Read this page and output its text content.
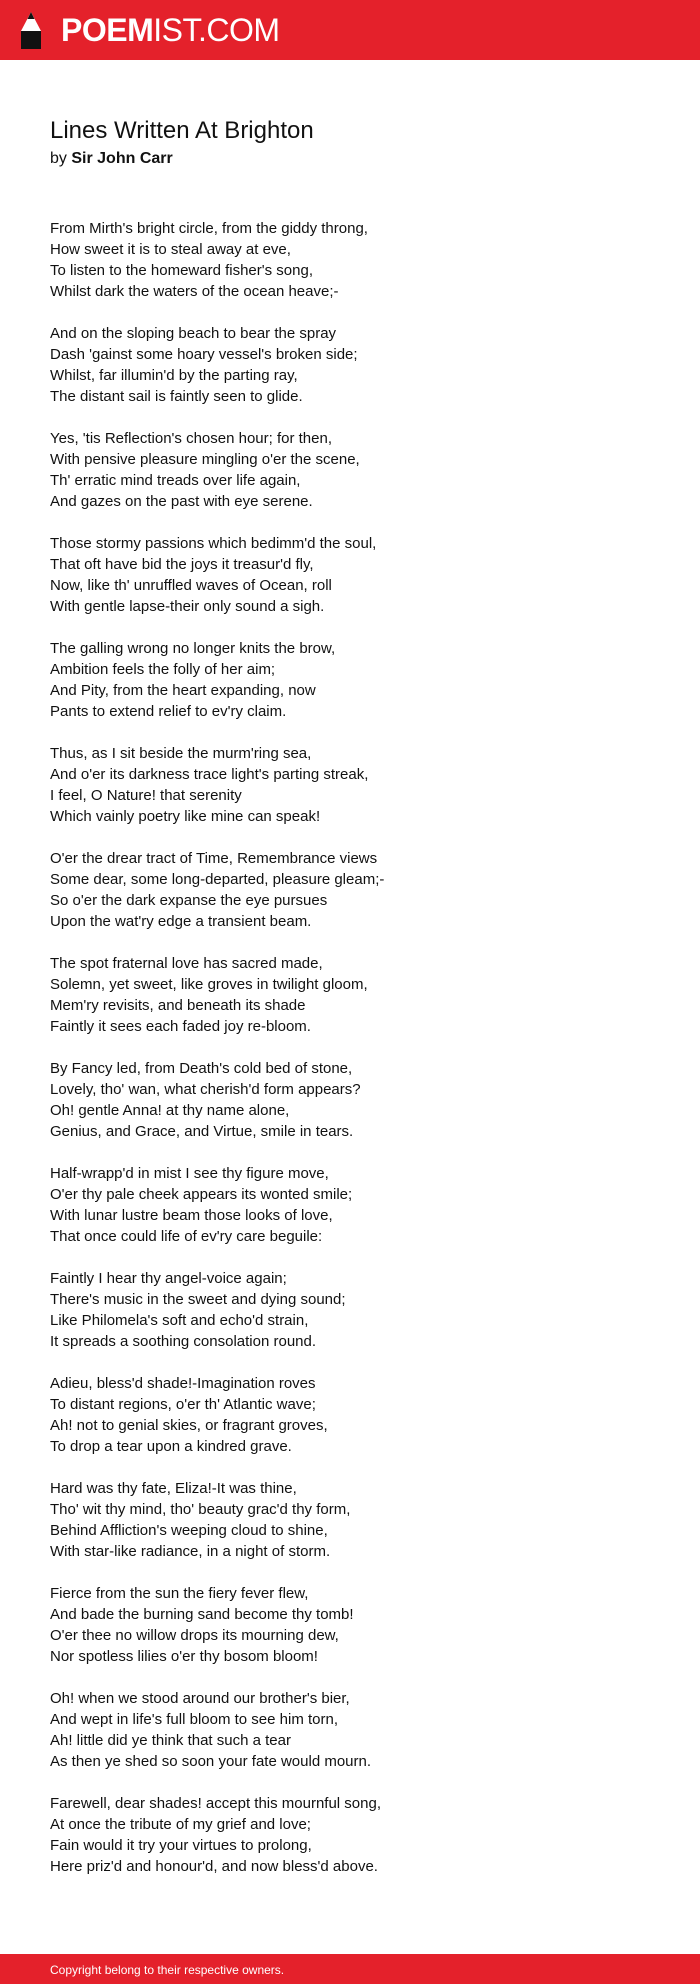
POEMIST.COM
Lines Written At Brighton
by Sir John Carr
From Mirth's bright circle, from the giddy throng,
How sweet it is to steal away at eve,
To listen to the homeward fisher's song,
Whilst dark the waters of the ocean heave;-
And on the sloping beach to bear the spray
Dash 'gainst some hoary vessel's broken side;
Whilst, far illumin'd by the parting ray,
The distant sail is faintly seen to glide.
Yes, 'tis Reflection's chosen hour; for then,
With pensive pleasure mingling o'er the scene,
Th' erratic mind treads over life again,
And gazes on the past with eye serene.
Those stormy passions which bedimm'd the soul,
That oft have bid the joys it treasur'd fly,
Now, like th' unruffled waves of Ocean, roll
With gentle lapse-their only sound a sigh.
The galling wrong no longer knits the brow,
Ambition feels the folly of her aim;
And Pity, from the heart expanding, now
Pants to extend relief to ev'ry claim.
Thus, as I sit beside the murm'ring sea,
And o'er its darkness trace light's parting streak,
I feel, O Nature! that serenity
Which vainly poetry like mine can speak!
O'er the drear tract of Time, Remembrance views
Some dear, some long-departed, pleasure gleam;-
So o'er the dark expanse the eye pursues
Upon the wat'ry edge a transient beam.
The spot fraternal love has sacred made,
Solemn, yet sweet, like groves in twilight gloom,
Mem'ry revisits, and beneath its shade
Faintly it sees each faded joy re-bloom.
By Fancy led, from Death's cold bed of stone,
Lovely, tho' wan, what cherish'd form appears?
Oh! gentle Anna! at thy name alone,
Genius, and Grace, and Virtue, smile in tears.
Half-wrapp'd in mist I see thy figure move,
O'er thy pale cheek appears its wonted smile;
With lunar lustre beam those looks of love,
That once could life of ev'ry care beguile:
Faintly I hear thy angel-voice again;
There's music in the sweet and dying sound;
Like Philomela's soft and echo'd strain,
It spreads a soothing consolation round.
Adieu, bless'd shade!-Imagination roves
To distant regions, o'er th' Atlantic wave;
Ah! not to genial skies, or fragrant groves,
To drop a tear upon a kindred grave.
Hard was thy fate, Eliza!-It was thine,
Tho' wit thy mind, tho' beauty grac'd thy form,
Behind Affliction's weeping cloud to shine,
With star-like radiance, in a night of storm.
Fierce from the sun the fiery fever flew,
And bade the burning sand become thy tomb!
O'er thee no willow drops its mourning dew,
Nor spotless lilies o'er thy bosom bloom!
Oh! when we stood around our brother's bier,
And wept in life's full bloom to see him torn,
Ah! little did ye think that such a tear
As then ye shed so soon your fate would mourn.
Farewell, dear shades! accept this mournful song,
At once the tribute of my grief and love;
Fain would it try your virtues to prolong,
Here priz'd and honour'd, and now bless'd above.
Copyright belong to their respective owners.
